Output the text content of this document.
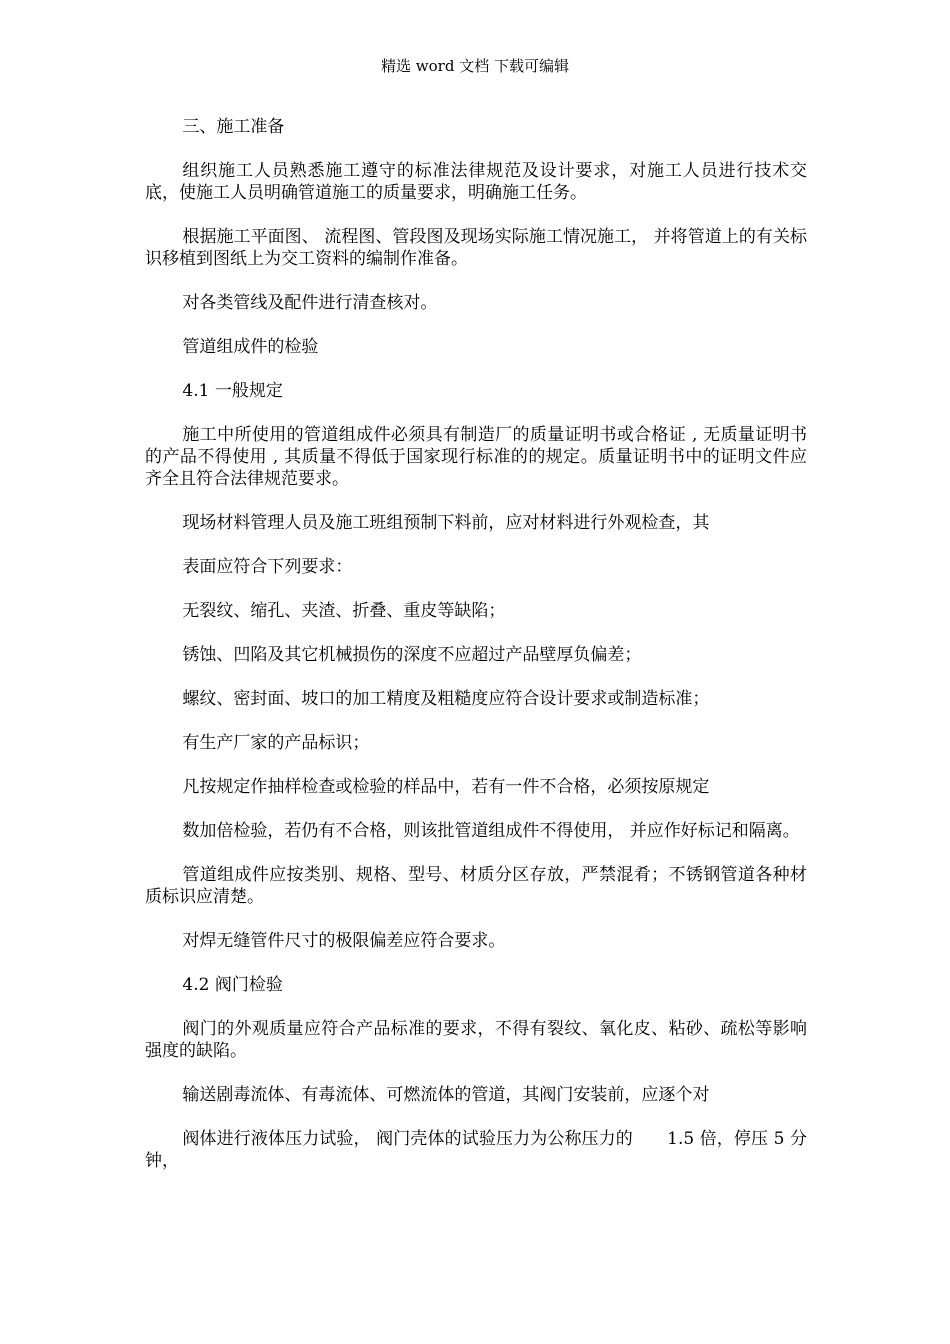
精选 word 文档 下载可编辑

三、施工准备

组织施工人员熟悉施工遵守的标准法律规范及设计要求，对施工人员进行技术交底，使施工人员明确管道施工的质量要求，明确施工任务。

根据施工平面图、 流程图、管段图及现场实际施工情况施工， 并将管道上的有关标识移植到图纸上为交工资料的编制作准备。

对各类管线及配件进行清查核对。

管道组成件的检验

4.1 一般规定

施工中所使用的管道组成件必须具有制造厂的质量证明书或合格证 , 无质量证明书的产品不得使用 , 其质量不得低于国家现行标准的的规定。质量证明书中的证明文件应齐全且符合法律规范要求。

现场材料管理人员及施工班组预制下料前，应对材料进行外观检查，其

表面应符合下列要求：

无裂纹、缩孔、夹渣、折叠、重皮等缺陷；

锈蚀、凹陷及其它机械损伤的深度不应超过产品壁厚负偏差；

螺纹、密封面、坡口的加工精度及粗糙度应符合设计要求或制造标准；

有生产厂家的产品标识；

凡按规定作抽样检查或检验的样品中，若有一件不合格，必须按原规定

数加倍检验，若仍有不合格，则该批管道组成件不得使用， 并应作好标记和隔离。

管道组成件应按类别、规格、型号、材质分区存放，严禁混肴；不锈钢管道各种材质标识应清楚。

对焊无缝管件尺寸的极限偏差应符合要求。

4.2 阀门检验

阀门的外观质量应符合产品标准的要求，不得有裂纹、氧化皮、粘砂、疏松等影响强度的缺陷。

输送剧毒流体、有毒流体、可燃流体的管道，其阀门安装前，应逐个对

阀体进行液体压力试验， 阀门壳体的试验压力为公称压力的　　1.5 倍，停压 5 分钟，
